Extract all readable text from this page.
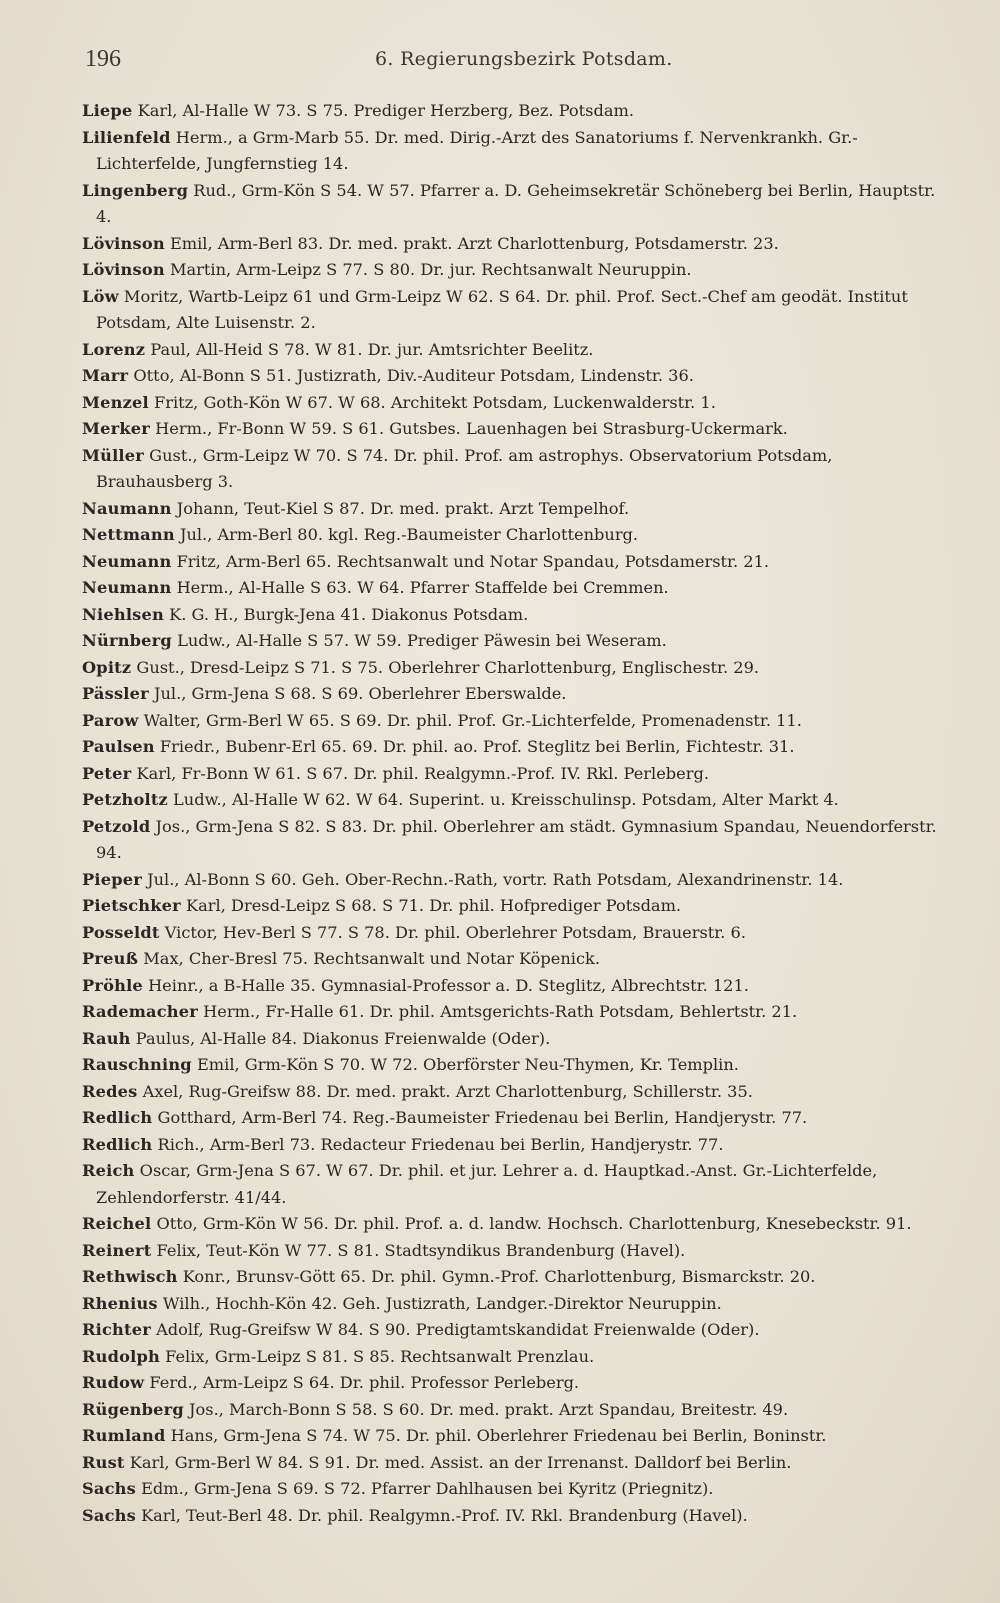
196	6. Regierungsbezirk Potsdam.

Liepe Karl, Al-Halle W 73. S 75. Prediger Herzberg, Bez. Potsdam.

Lilienfeld Herm., a Grm-Marb 55. Dr. med. Dirig.-Arzt des Sanatoriums f. Nervenkrankh. Gr.-Lichterfelde, Jungfernstieg 14.

Lingenberg Rud., Grm-Kön S 54. W 57. Pfarrer a. D. Geheimsekretär Schöneberg bei Berlin, Hauptstr. 4.

Lövinson Emil, Arm-Berl 83. Dr. med. prakt. Arzt Charlottenburg, Potsdamerstr. 23.

Lövinson Martin, Arm-Leipz S 77. S 80. Dr. jur. Rechtsanwalt Neuruppin.

Löw Moritz, Wartb-Leipz 61 und Grm-Leipz W 62. S 64. Dr. phil. Prof. Sect.-Chef am geodät. Institut Potsdam, Alte Luisenstr. 2.

Lorenz Paul, All-Heid S 78. W 81. Dr. jur. Amtsrichter Beelitz.

Marr Otto, Al-Bonn S 51. Justizrath, Div.-Auditeur Potsdam, Lindenstr. 36.

Menzel Fritz, Goth-Kön W 67. W 68. Architekt Potsdam, Luckenwalderstr. 1.

Merker Herm., Fr-Bonn W 59. S 61. Gutsbes. Lauenhagen bei Strasburg-Uckermark.

Müller Gust., Grm-Leipz W 70. S 74. Dr. phil. Prof. am astrophys. Observatorium Potsdam, Brauhausberg 3.

Naumann Johann, Teut-Kiel S 87. Dr. med. prakt. Arzt Tempelhof.

Nettmann Jul., Arm-Berl 80. kgl. Reg.-Baumeister Charlottenburg.

Neumann Fritz, Arm-Berl 65. Rechtsanwalt und Notar Spandau, Potsdamerstr. 21.

Neumann Herm., Al-Halle S 63. W 64. Pfarrer Staffelde bei Cremmen.

Niehlsen K. G. H., Burgk-Jena 41. Diakonus Potsdam.

Nürnberg Ludw., Al-Halle S 57. W 59. Prediger Päwesin bei Weseram.

Opitz Gust., Dresd-Leipz S 71. S 75. Oberlehrer Charlottenburg, Englischestr. 29.

Pässler Jul., Grm-Jena S 68. S 69. Oberlehrer Eberswalde.

Parow Walter, Grm-Berl W 65. S 69. Dr. phil. Prof. Gr.-Lichterfelde, Promenadenstr. 11.

Paulsen Friedr., Bubenr-Erl 65. 69. Dr. phil. ao. Prof. Steglitz bei Berlin, Fichtestr. 31.

Peter Karl, Fr-Bonn W 61. S 67. Dr. phil. Realgymn.-Prof. IV. Rkl. Perleberg.

Petzholtz Ludw., Al-Halle W 62. W 64. Superint. u. Kreisschulinsp. Potsdam, Alter Markt 4.

Petzold Jos., Grm-Jena S 82. S 83. Dr. phil. Oberlehrer am städt. Gymnasium Spandau, Neuendorferstr. 94.

Pieper Jul., Al-Bonn S 60. Geh. Ober-Rechn.-Rath, vortr. Rath Potsdam, Alexandrinenstr. 14.

Pietschker Karl, Dresd-Leipz S 68. S 71. Dr. phil. Hofprediger Potsdam.

Posseldt Victor, Hev-Berl S 77. S 78. Dr. phil. Oberlehrer Potsdam, Brauerstr. 6.

Preuß Max, Cher-Bresl 75. Rechtsanwalt und Notar Köpenick.

Pröhle Heinr., a B-Halle 35. Gymnasial-Professor a. D. Steglitz, Albrechtstr. 121.

Rademacher Herm., Fr-Halle 61. Dr. phil. Amtsgerichts-Rath Potsdam, Behlertstr. 21.

Rauh Paulus, Al-Halle 84. Diakonus Freienwalde (Oder).

Rauschning Emil, Grm-Kön S 70. W 72. Oberförster Neu-Thymen, Kr. Templin.

Redes Axel, Rug-Greifsw 88. Dr. med. prakt. Arzt Charlottenburg, Schillerstr. 35.

Redlich Gotthard, Arm-Berl 74. Reg.-Baumeister Friedenau bei Berlin, Handjerystr. 77.

Redlich Rich., Arm-Berl 73. Redacteur Friedenau bei Berlin, Handjerystr. 77.

Reich Oscar, Grm-Jena S 67. W 67. Dr. phil. et jur. Lehrer a. d. Hauptkad.-Anst. Gr.-Lichterfelde, Zehlendorferstr. 41/44.

Reichel Otto, Grm-Kön W 56. Dr. phil. Prof. a. d. landw. Hochsch. Charlottenburg, Knesebeckstr. 91.

Reinert Felix, Teut-Kön W 77. S 81. Stadtsyndikus Brandenburg (Havel).

Rethwisch Konr., Brunsv-Gött 65. Dr. phil. Gymn.-Prof. Charlottenburg, Bismarckstr. 20.

Rhenius Wilh., Hochh-Kön 42. Geh. Justizrath, Landger.-Direktor Neuruppin.

Richter Adolf, Rug-Greifsw W 84. S 90. Predigtamtskandidat Freienwalde (Oder).

Rudolph Felix, Grm-Leipz S 81. S 85. Rechtsanwalt Prenzlau.

Rudow Ferd., Arm-Leipz S 64. Dr. phil. Professor Perleberg.

Rügenberg Jos., March-Bonn S 58. S 60. Dr. med. prakt. Arzt Spandau, Breitestr. 49.

Rumland Hans, Grm-Jena S 74. W 75. Dr. phil. Oberlehrer Friedenau bei Berlin, Boninstr.

Rust Karl, Grm-Berl W 84. S 91. Dr. med. Assist. an der Irrenanst. Dalldorf bei Berlin.

Sachs Edm., Grm-Jena S 69. S 72. Pfarrer Dahlhausen bei Kyritz (Priegnitz).

Sachs Karl, Teut-Berl 48. Dr. phil. Realgymn.-Prof. IV. Rkl. Brandenburg (Havel).
